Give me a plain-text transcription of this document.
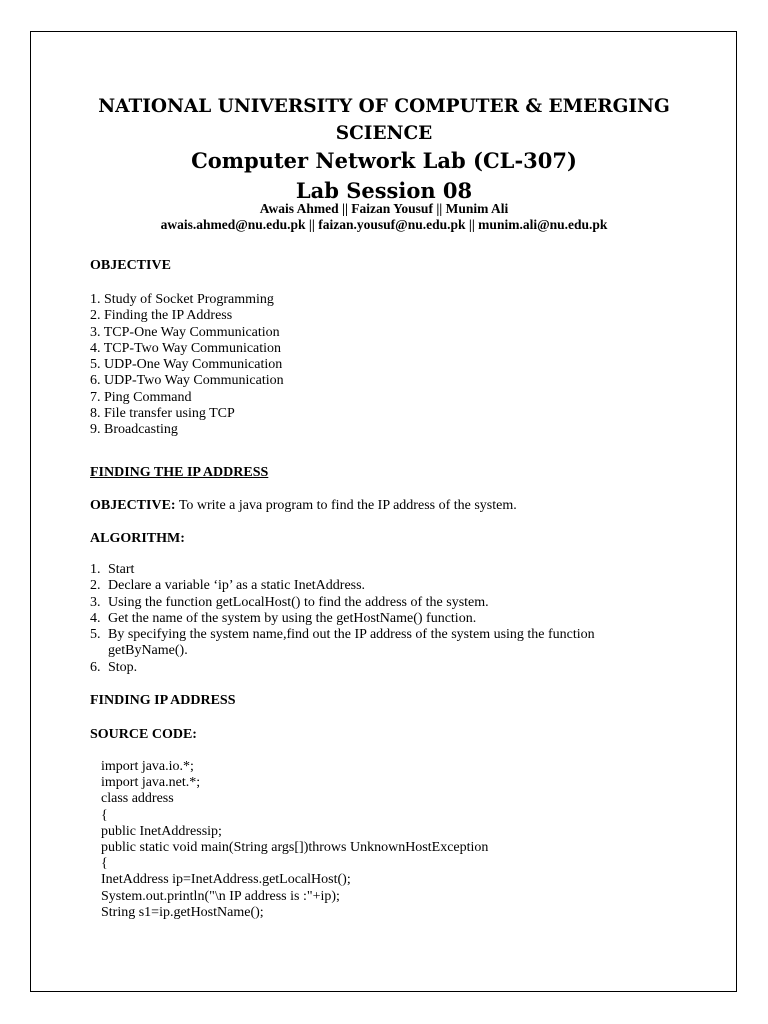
NATIONAL UNIVERSITY OF COMPUTER & EMERGING
SCIENCE
Computer Network Lab (CL-307)
Lab Session 08
Awais Ahmed || Faizan Yousuf || Munim Ali
awais.ahmed@nu.edu.pk || faizan.yousuf@nu.edu.pk || munim.ali@nu.edu.pk
OBJECTIVE
1. Study of Socket Programming
2. Finding the IP Address
3. TCP-One Way Communication
4. TCP-Two Way Communication
5. UDP-One Way Communication
6. UDP-Two Way Communication
7. Ping Command
8. File transfer using TCP
9. Broadcasting
FINDING THE IP ADDRESS
OBJECTIVE: To write a java program to find the IP address of the system.
ALGORITHM:
1. Start
2. Declare a variable ‘ip’ as a static InetAddress.
3. Using the function getLocalHost() to find the address of the system.
4. Get the name of the system by using the getHostName() function.
5. By specifying the system name,find out the IP address of the system using the function getByName().
6. Stop.
FINDING IP ADDRESS
SOURCE CODE:
import java.io.*;
import java.net.*;
class address
{
public InetAddressip;
public static void main(String args[])throws UnknownHostException
{
InetAddress ip=InetAddress.getLocalHost();
System.out.println("\n IP address is :"+ip);
String s1=ip.getHostName();
